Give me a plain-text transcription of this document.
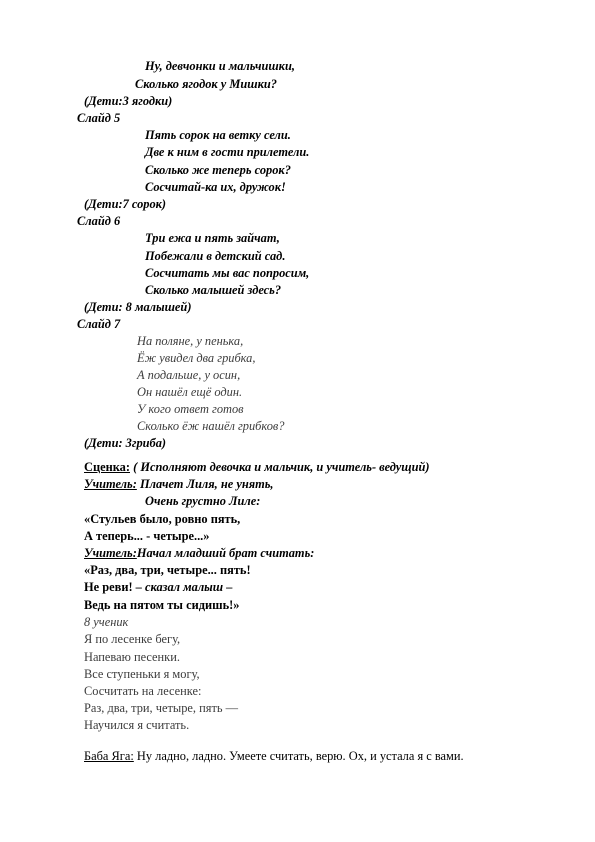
Ну, девчонки и мальчишки,
Сколько ягодок у Мишки?
(Дети:3 ягодки)
Слайд 5
Пять сорок на ветку сели.
Две к ним в гости прилетели.
Сколько же теперь сорок?
Сосчитай-ка их, дружок!
(Дети:7 сорок)
Слайд 6
Три ежа и пять зайчат,
Побежали в детский сад.
Сосчитать мы вас попросим,
Сколько малышей здесь?
(Дети: 8 малышей)
Слайд 7
На поляне, у пенька,
Ёж увидел два грибка,
А подальше, у осин,
Он нашёл ещё один.
У кого ответ готов
Сколько ёж нашёл грибков?
(Дети: 3гриба)
Сценка: ( Исполняют девочка и мальчик, и учитель- ведущий)
Учитель: Плачет Лиля, не унять,
Очень грустно Лиле:
«Стульев было, ровно пять,
А теперь... - четыре...»
Учитель:Начал младший брат считать:
«Раз, два, три, четыре... пять!
Не реви! – сказал малыш –
Ведь на пятом ты сидишь!»
8 ученик
Я по лесенке бегу,
Напеваю песенки.
Все ступеньки я могу,
Сосчитать на лесенке:
Раз, два, три, четыре, пять —
Научился я считать.
Баба Яга: Ну ладно, ладно. Умеете считать, верю. Ох, и устала я с вами.
